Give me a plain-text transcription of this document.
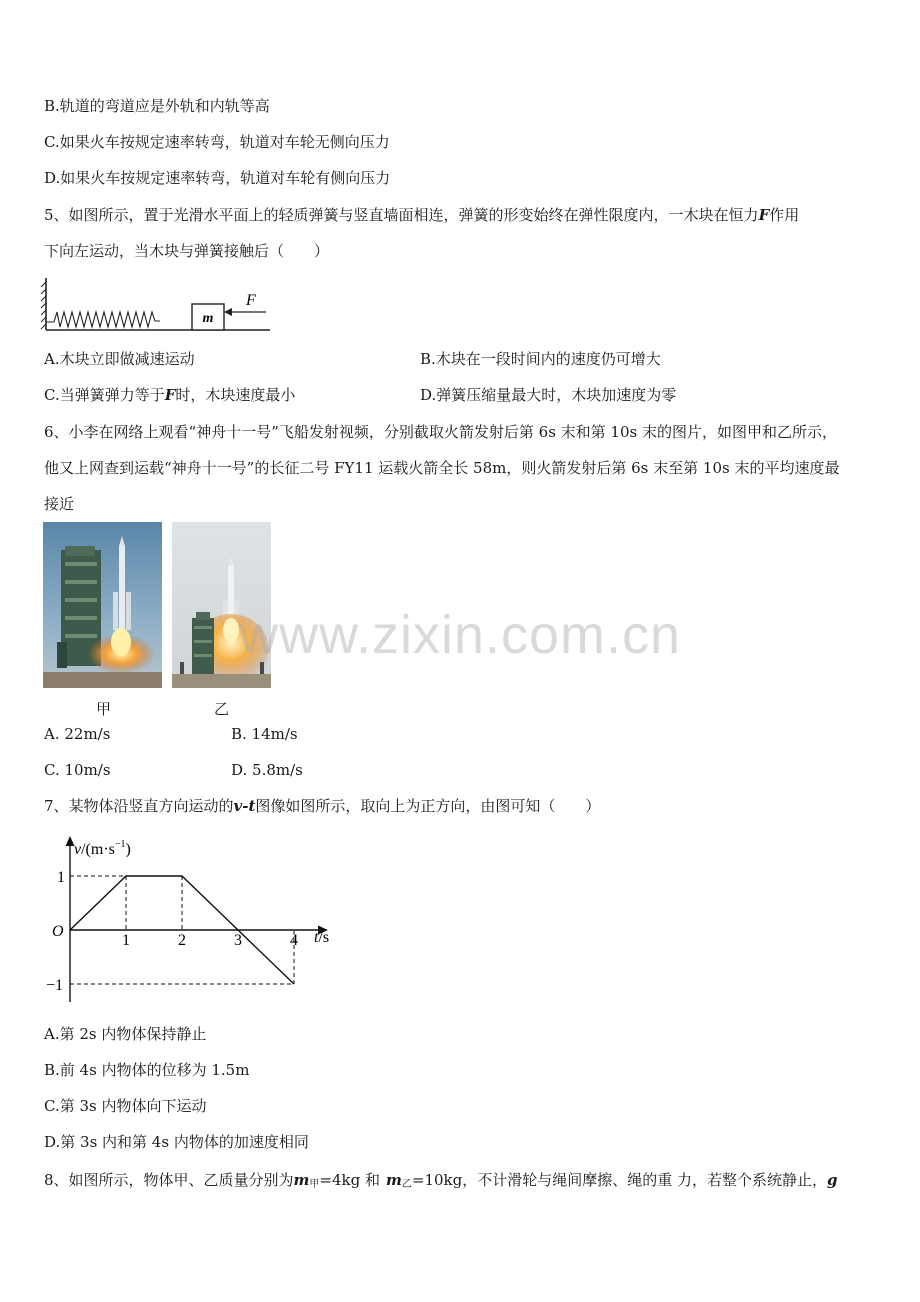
B.轨道的弯道应是外轨和内轨等高
C.如果火车按规定速率转弯，轨道对车轮无侧向压力
D.如果火车按规定速率转弯，轨道对车轮有侧向压力
5、如图所示，置于光滑水平面上的轻质弹簧与竖直墙面相连，弹簧的形变始终在弹性限度内，一木块在恒力F作用
下向左运动，当木块与弹簧接触后（　　）
m
F
A.木块立即做减速运动	B.木块在一段时间内的速度仍可增大
C.当弹簧弹力等于F时，木块速度最小	D.弹簧压缩量最大时，木块加速度为零
6、小李在网络上观看“神舟十一号”飞船发射视频，分别截取火箭发射后第 6s 末和第 10s 末的图片，如图甲和乙所示，
他又上网查到运载“神舟十一号”的长征二号 FY11 运载火箭全长 58m，则火箭发射后第 6s 末至第 10s 末的平均速度最
接近
甲	乙
www.zixin.com.cn
A. 22m/s	B. 14m/s
C. 10m/s	D. 5.8m/s
7、某物体沿竖直方向运动的v-t图像如图所示，取向上为正方向，由图可知（　　）
1	2	3	4
1
−1
O
$v/(m\cdot s^{-1})$
t/s
A.第 2s 内物体保持静止
B.前 4s 内物体的位移为 1.5m
C.第 3s 内物体向下运动
D.第 3s 内和第 4s 内物体的加速度相同
8、如图所示，物体甲、乙质量分别为$m_甲=4kg$ 和 $m_乙=10kg$，不计滑轮与绳间摩擦、绳的重 力，若整个系统静止，g
